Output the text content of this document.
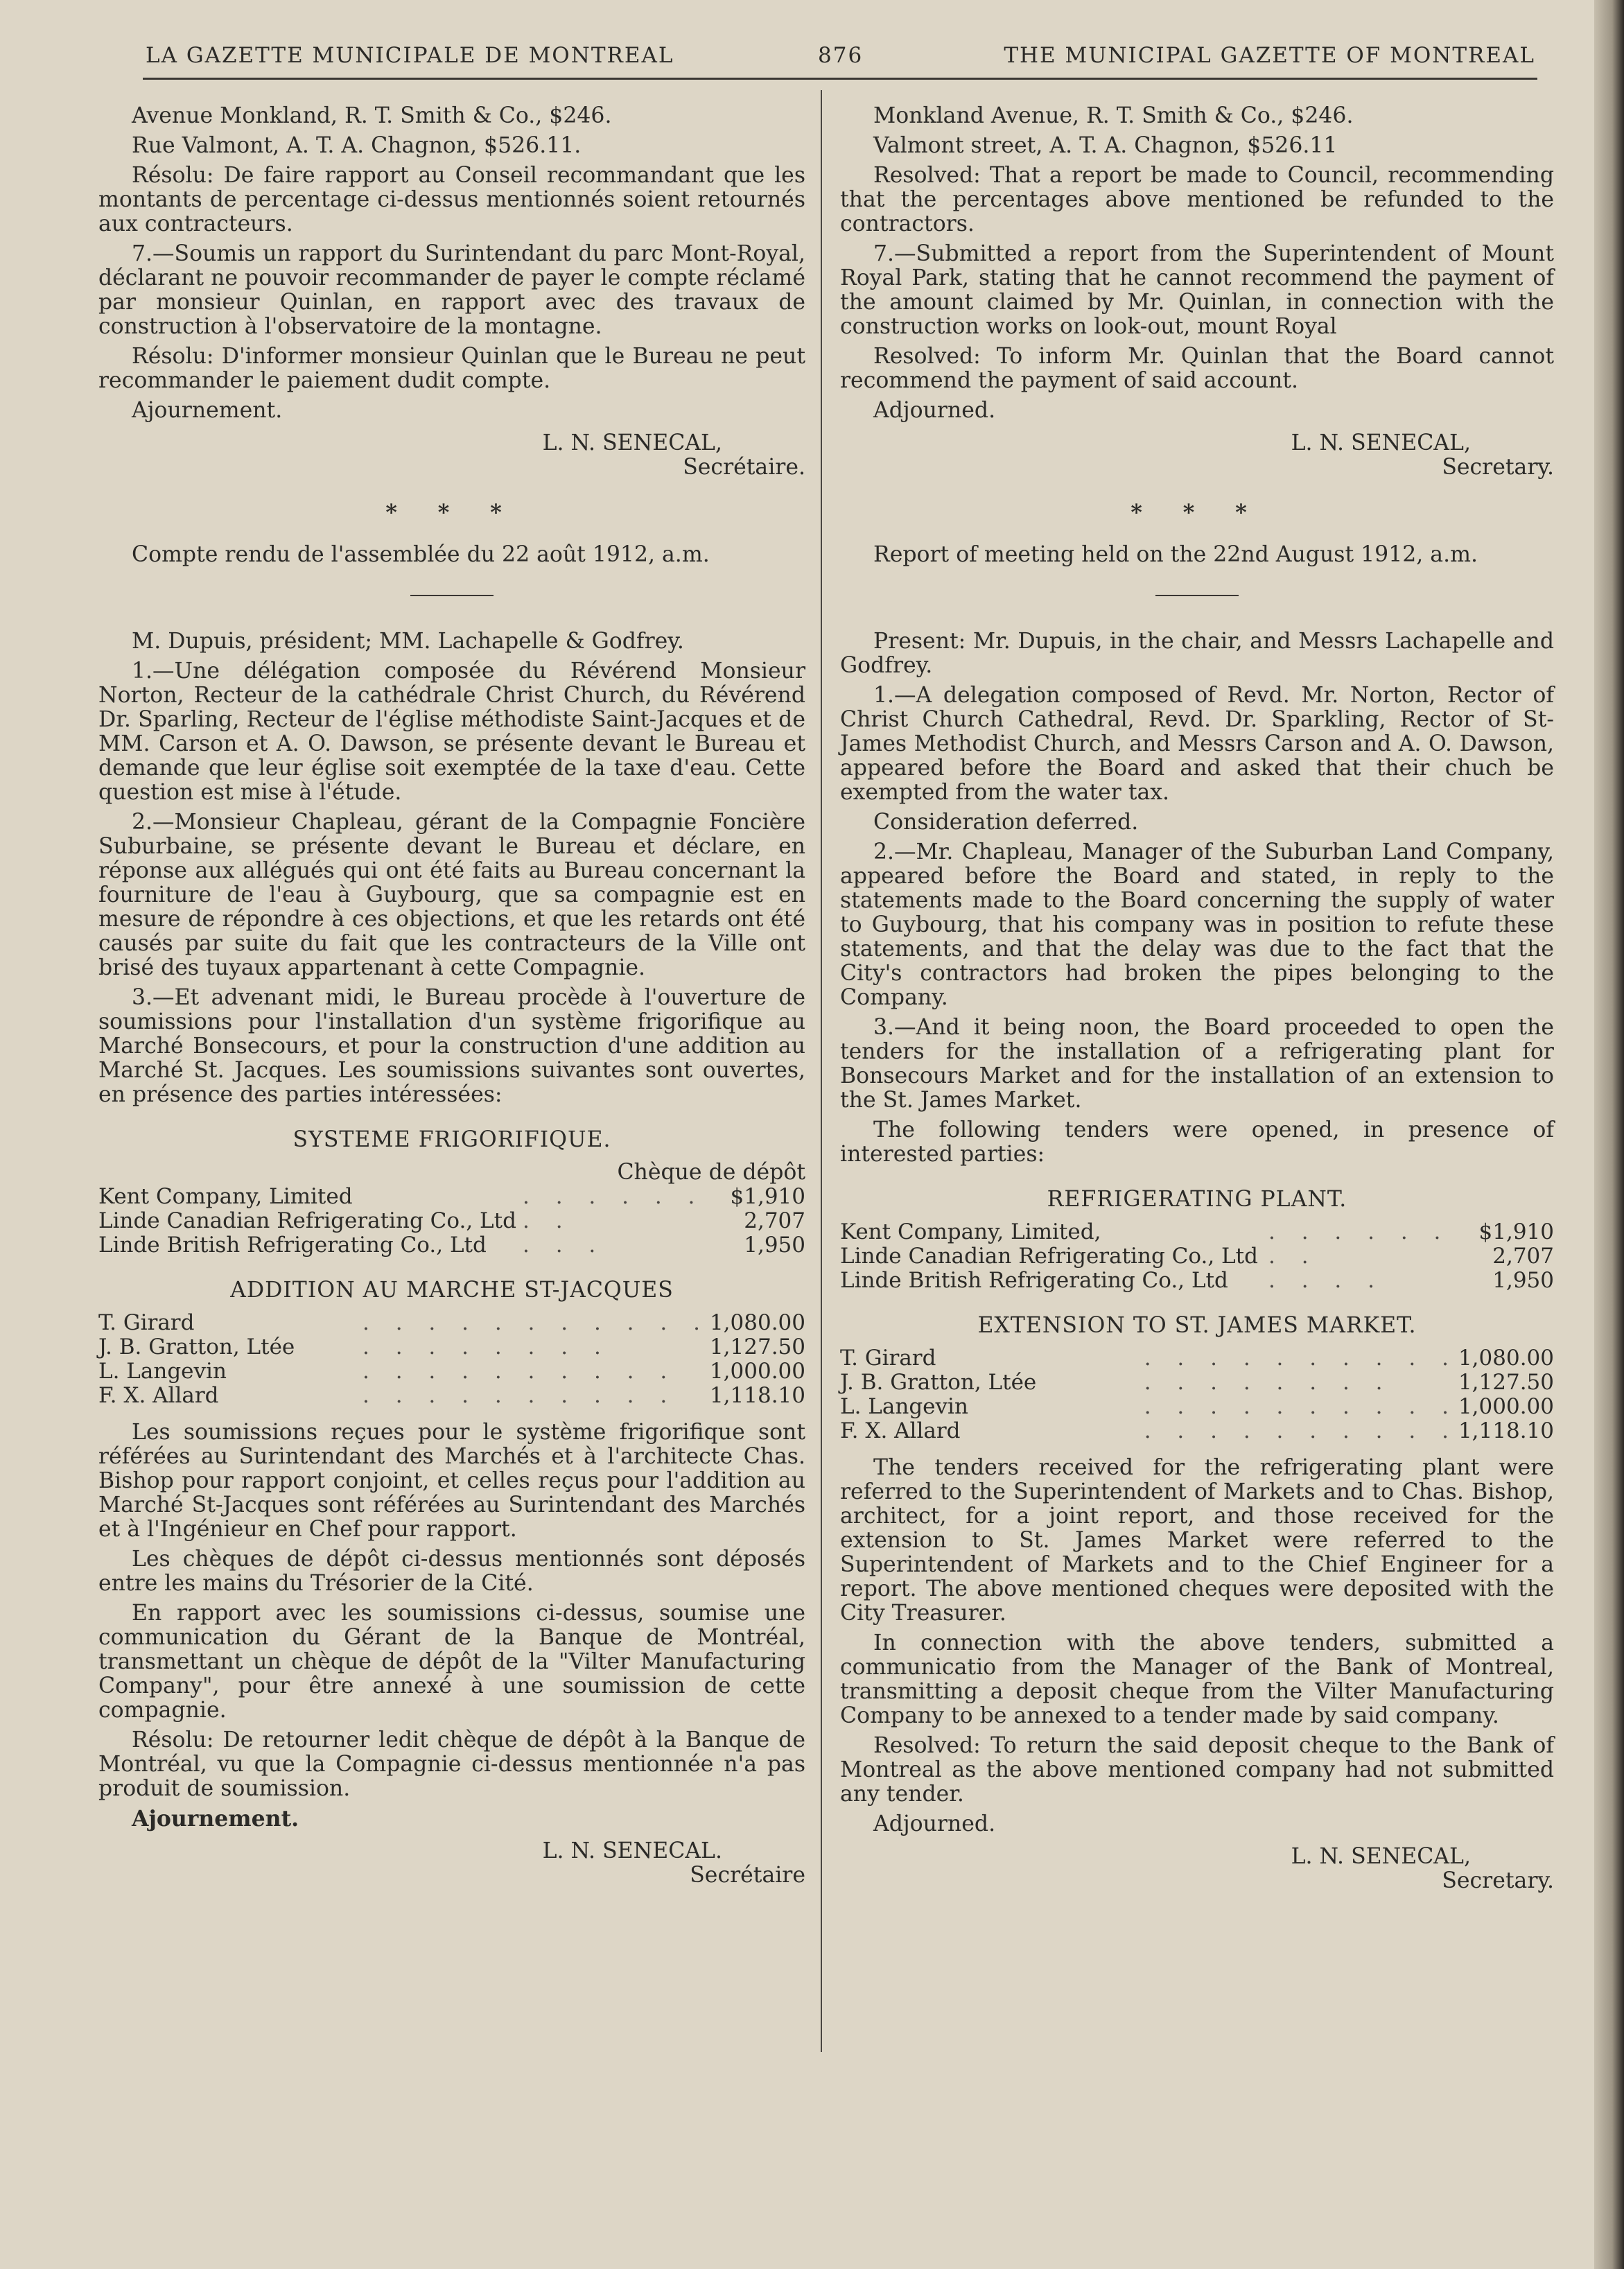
LA GAZETTE MUNICIPALE DE MONTREAL	876	THE MUNICIPAL GAZETTE OF MONTREAL

Avenue Monkland, R. T. Smith & Co., $246.

Rue Valmont, A. T. A. Chagnon, $526.11.

Résolu: De faire rapport au Conseil recommandant que les montants de percentage ci-dessus mentionnés soient retournés aux contracteurs.

7.—Soumis un rapport du Surintendant du parc Mont-Royal, déclarant ne pouvoir recommander de payer le compte réclamé par monsieur Quinlan, en rapport avec des travaux de construction à l'observatoire de la montagne.

Résolu: D'informer monsieur Quinlan que le Bureau ne peut recommander le paiement dudit compte.

Ajournement.

L. N. SENECAL,

Secrétaire.

* * *

Compte rendu de l'assemblée du 22 août 1912, a.m.

M. Dupuis, président; MM. Lachapelle & Godfrey.

1.—Une délégation composée du Révérend Monsieur Norton, Recteur de la cathédrale Christ Church, du Révérend Dr. Sparling, Recteur de l'église méthodiste Saint-Jacques et de MM. Carson et A. O. Dawson, se présente devant le Bureau et demande que leur église soit exemptée de la taxe d'eau. Cette question est mise à l'étude.

2.—Monsieur Chapleau, gérant de la Compagnie Foncière Suburbaine, se présente devant le Bureau et déclare, en réponse aux allégués qui ont été faits au Bureau concernant la fourniture de l'eau à Guybourg, que sa compagnie est en mesure de répondre à ces objections, et que les retards ont été causés par suite du fait que les contracteurs de la Ville ont brisé des tuyaux appartenant à cette Compagnie.

3.—Et advenant midi, le Bureau procède à l'ouverture de soumissions pour l'installation d'un système frigorifique au Marché Bonsecours, et pour la construction d'une addition au Marché St. Jacques. Les soumissions suivantes sont ouvertes, en présence des parties intéressées:

SYSTEME FRIGORIFIQUE.
Chèque de dépôt
Kent Company, Limited	. . . . . .	$1,910
Linde Canadian Refrigerating Co., Ltd	. .	2,707
Linde British Refrigerating Co., Ltd	. . .	1,950
ADDITION AU MARCHE ST-JACQUES
T. Girard	. . . . . . . . . . .	1,080.00
J. B. Gratton, Ltée	. . . . . . . .	1,127.50
L. Langevin	. . . . . . . . . .	1,000.00
F. X. Allard	. . . . . . . . . .	1,118.10

Les soumissions reçues pour le système frigorifique sont référées au Surintendant des Marchés et à l'architecte Chas. Bishop pour rapport conjoint, et celles reçus pour l'addition au Marché St-Jacques sont référées au Surintendant des Marchés et à l'Ingénieur en Chef pour rapport.

Les chèques de dépôt ci-dessus mentionnés sont déposés entre les mains du Trésorier de la Cité.

En rapport avec les soumissions ci-dessus, soumise une communication du Gérant de la Banque de Montréal, transmettant un chèque de dépôt de la "Vilter Manufacturing Company", pour être annexé à une soumission de cette compagnie.

Résolu: De retourner ledit chèque de dépôt à la Banque de Montréal, vu que la Compagnie ci-dessus mentionnée n'a pas produit de soumission.

Ajournement.

L. N. SENECAL.

Secrétaire

Monkland Avenue, R. T. Smith & Co., $246.

Valmont street, A. T. A. Chagnon, $526.11

Resolved: That a report be made to Council, recommending that the percentages above mentioned be refunded to the contractors.

7.—Submitted a report from the Superintendent of Mount Royal Park, stating that he cannot recommend the payment of the amount claimed by Mr. Quinlan, in connection with the construction works on look-out, mount Royal

Resolved: To inform Mr. Quinlan that the Board cannot recommend the payment of said account.

Adjourned.

L. N. SENECAL,

Secretary.

* * *

Report of meeting held on the 22nd August 1912, a.m.

Present: Mr. Dupuis, in the chair, and Messrs Lachapelle and Godfrey.

1.—A delegation composed of Revd. Mr. Norton, Rector of Christ Church Cathedral, Revd. Dr. Sparkling, Rector of St-James Methodist Church, and Messrs Carson and A. O. Dawson, appeared before the Board and asked that their chuch be exempted from the water tax.

Consideration deferred.

2.—Mr. Chapleau, Manager of the Suburban Land Company, appeared before the Board and stated, in reply to the statements made to the Board concerning the supply of water to Guybourg, that his company was in position to refute these statements, and that the delay was due to the fact that the City's contractors had broken the pipes belonging to the Company.

3.—And it being noon, the Board proceeded to open the tenders for the installation of a refrigerating plant for Bonsecours Market and for the installation of an extension to the St. James Market.

The following tenders were opened, in presence of interested parties:

REFRIGERATING PLANT.
Kent Company, Limited,	. . . . . .	$1,910
Linde Canadian Refrigerating Co., Ltd	. .	2,707
Linde British Refrigerating Co., Ltd	. . . .	1,950
EXTENSION TO ST. JAMES MARKET.
T. Girard	. . . . . . . . . .	1,080.00
J. B. Gratton, Ltée	. . . . . . . .	1,127.50
L. Langevin	. . . . . . . . . .	1,000.00
F. X. Allard	. . . . . . . . . .	1,118.10

The tenders received for the refrigerating plant were referred to the Superintendent of Markets and to Chas. Bishop, architect, for a joint report, and those received for the extension to St. James Market were referred to the Superintendent of Markets and to the Chief Engineer for a report. The above mentioned cheques were deposited with the City Treasurer.

In connection with the above tenders, submitted a communicatio from the Manager of the Bank of Montreal, transmitting a deposit cheque from the Vilter Manufacturing Company to be annexed to a tender made by said company.

Resolved: To return the said deposit cheque to the Bank of Montreal as the above mentioned company had not submitted any tender.

Adjourned.

L. N. SENECAL,

Secretary.
